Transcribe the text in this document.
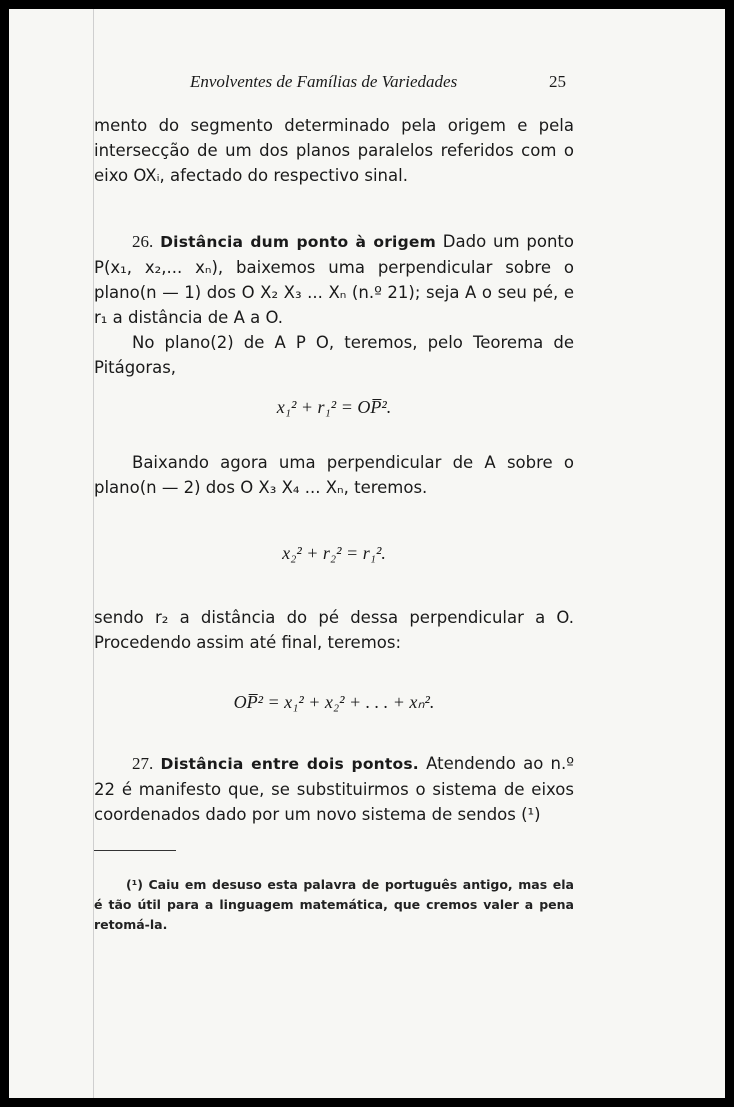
Envolventes de Famílias de Variedades	25

mento do segmento determinado pela origem e pela intersecção de um dos planos paralelos referidos com o eixo OXᵢ, afectado do respectivo sinal.

26. Distância dum ponto à origem Dado um ponto P(x₁, x₂,... xₙ), baixemos uma perpendicular sobre o plano(n — 1) dos O X₂ X₃ ... Xₙ (n.º 21); seja A o seu pé, e r₁ a distância de A a O.

No plano(2) de A P O, teremos, pelo Teorema de Pitágoras,

x₁² + r₁² = OP̅².

Baixando agora uma perpendicular de A sobre o plano(n — 2) dos O X₃ X₄ ... Xₙ, teremos.

x₂² + r₂² = r₁².

sendo r₂ a distância do pé dessa perpendicular a O. Procedendo assim até final, teremos:

OP̅² = x₁² + x₂² + . . . + xₙ².

27. Distância entre dois pontos. Atendendo ao n.º 22 é manifesto que, se substituirmos o sistema de eixos coordenados dado por um novo sistema de sendos (¹)

(¹) Caiu em desuso esta palavra de português antigo, mas ela é tão útil para a linguagem matemática, que cremos valer a pena retomá-la.
